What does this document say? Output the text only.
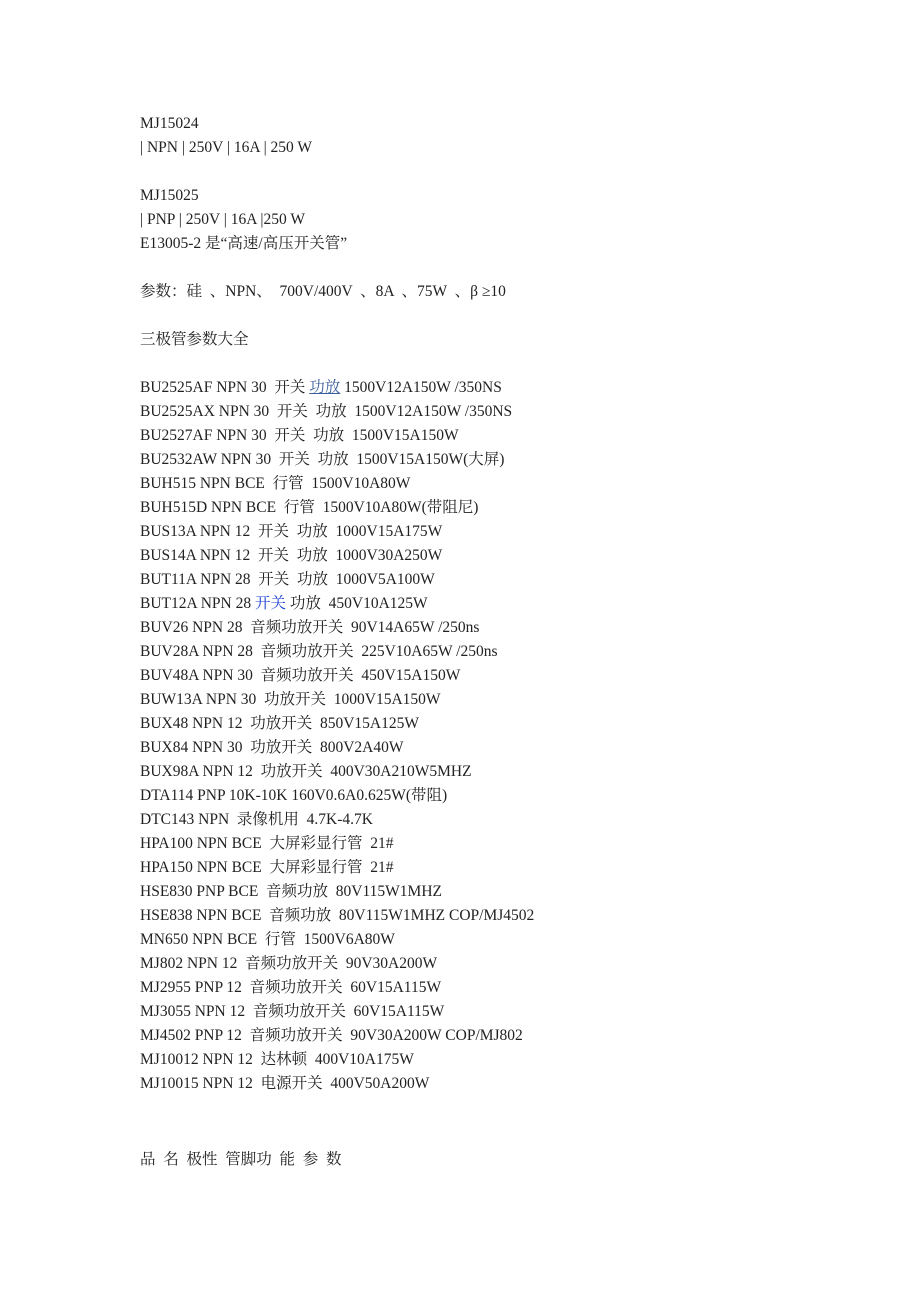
MJ15024

| NPN | 250V | 16A | 250 W

MJ15025

| PNP | 250V | 16A |250 W

E13005-2 是“高速/高压开关管”

参数：硅  、NPN、  700V/400V  、8A  、75W  、β ≥10

三极管参数大全

BU2525AF NPN 30  开关 功放 1500V12A150W /350NS

BU2525AX NPN 30  开关  功放  1500V12A150W /350NS

BU2527AF NPN 30  开关  功放  1500V15A150W

BU2532AW NPN 30  开关  功放  1500V15A150W(大屏)

BUH515 NPN BCE  行管  1500V10A80W

BUH515D NPN BCE  行管  1500V10A80W(带阻尼)

BUS13A NPN 12  开关  功放  1000V15A175W

BUS14A NPN 12  开关  功放  1000V30A250W

BUT11A NPN 28  开关  功放  1000V5A100W

BUT12A NPN 28 开关 功放  450V10A125W

BUV26 NPN 28  音频功放开关  90V14A65W /250ns

BUV28A NPN 28  音频功放开关  225V10A65W /250ns

BUV48A NPN 30  音频功放开关  450V15A150W

BUW13A NPN 30  功放开关  1000V15A150W

BUX48 NPN 12  功放开关  850V15A125W

BUX84 NPN 30  功放开关  800V2A40W

BUX98A NPN 12  功放开关  400V30A210W5MHZ

DTA114 PNP 10K-10K 160V0.6A0.625W(带阻)

DTC143 NPN  录像机用  4.7K-4.7K

HPA100 NPN BCE  大屏彩显行管  21#

HPA150 NPN BCE  大屏彩显行管  21#

HSE830 PNP BCE  音频功放  80V115W1MHZ

HSE838 NPN BCE  音频功放  80V115W1MHZ COP/MJ4502

MN650 NPN BCE  行管  1500V6A80W

MJ802 NPN 12  音频功放开关  90V30A200W

MJ2955 PNP 12  音频功放开关  60V15A115W

MJ3055 NPN 12  音频功放开关  60V15A115W

MJ4502 PNP 12  音频功放开关  90V30A200W COP/MJ802

MJ10012 NPN 12  达林顿  400V10A175W

MJ10015 NPN 12  电源开关  400V50A200W

品  名  极性  管脚功  能  参  数
